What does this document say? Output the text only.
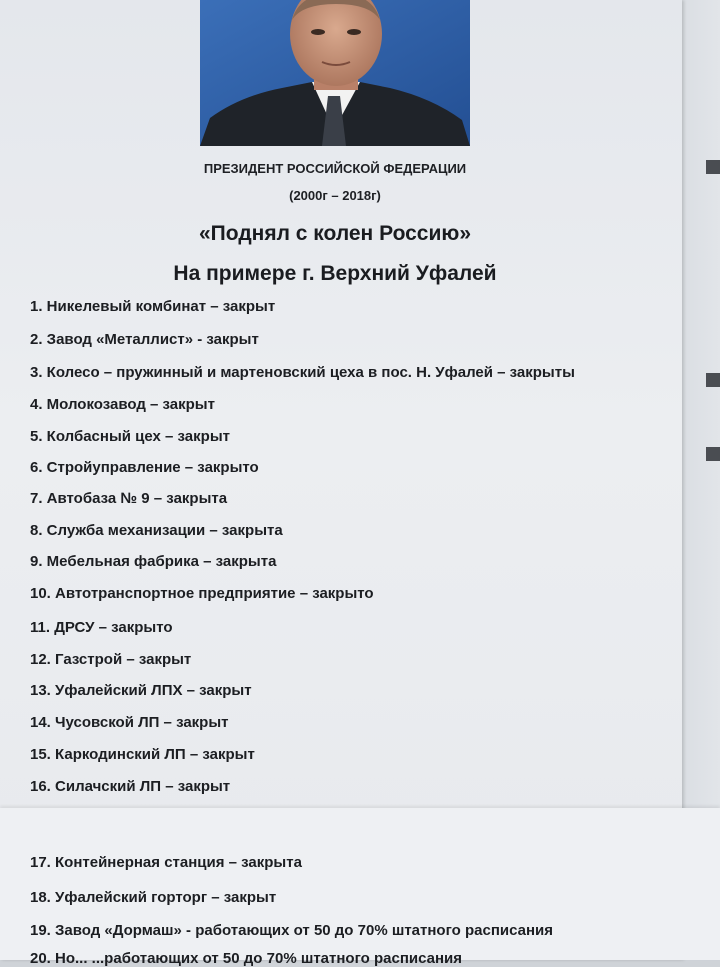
ПРЕЗИДЕНТ РОССИЙСКОЙ ФЕДЕРАЦИИ
(2000г – 2018г)
«Поднял с колен Россию»
На примере г. Верхний Уфалей
1. Никелевый комбинат – закрыт
2. Завод «Металлист» - закрыт
3. Колесо – пружинный и мартеновский цеха в пос. Н. Уфалей – закрыты
4. Молокозавод – закрыт
5. Колбасный цех – закрыт
6. Стройуправление – закрыто
7. Автобаза № 9 – закрыта
8. Служба механизации – закрыта
9. Мебельная фабрика – закрыта
10. Автотранспортное предприятие – закрыто
11. ДРСУ – закрыто
12. Газстрой – закрыт
13. Уфалейский ЛПХ – закрыт
14. Чусовской ЛП – закрыт
15. Каркодинский ЛП – закрыт
16. Силачский ЛП – закрыт
17. Контейнерная станция – закрыта
18. Уфалейский горторг – закрыт
19. Завод «Дормаш» - работающих от 50 до 70% штатного расписания
20. Но... ...работающих от 50 до 70% штатного расписания
